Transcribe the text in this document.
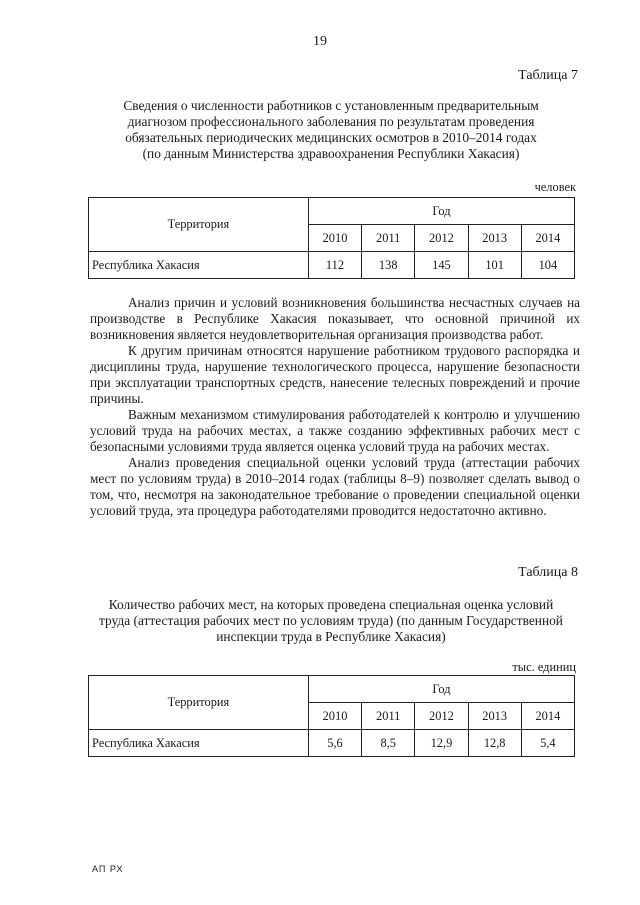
19
Таблица 7
Сведения о численности работников с установленным предварительным
диагнозом профессионального заболевания по результатам проведения
обязательных периодических медицинских осмотров в 2010–2014 годах
(по данным Министерства здравоохранения Республики Хакасия)
человек
Территория	Год				
	2010	2011	2012	2013	2014
Республика Хакасия	112	138	145	101	104

Анализ причин и условий возникновения большинства несчастных случаев на производстве в Республике Хакасия показывает, что основной причиной их возникновения является неудовлетворительная организация производства работ.

К другим причинам относятся нарушение работником трудового распорядка и дисциплины труда, нарушение технологического процесса, нарушение безопасности при эксплуатации транспортных средств, нанесение телесных повреждений и прочие причины.

Важным механизмом стимулирования работодателей к контролю и улучшению условий труда на рабочих местах, а также созданию эффективных рабочих мест с безопасными условиями труда является оценка условий труда на рабочих местах.

Анализ проведения специальной оценки условий труда (аттестации рабочих мест по условиям труда) в 2010–2014 годах (таблицы 8–9) позволяет сделать вывод о том, что, несмотря на законодательное требование о проведении специальной оценки условий труда, эта процедура работодателями проводится недостаточно активно.

Таблица 8
Количество рабочих мест, на которых проведена специальная оценка условий
труда (аттестация рабочих мест по условиям труда) (по данным Государственной
инспекции труда в Республике Хакасия)
тыс. единиц
Территория	Год				
	2010	2011	2012	2013	2014
Республика Хакасия	5,6	8,5	12,9	12,8	5,4
АП РХ
